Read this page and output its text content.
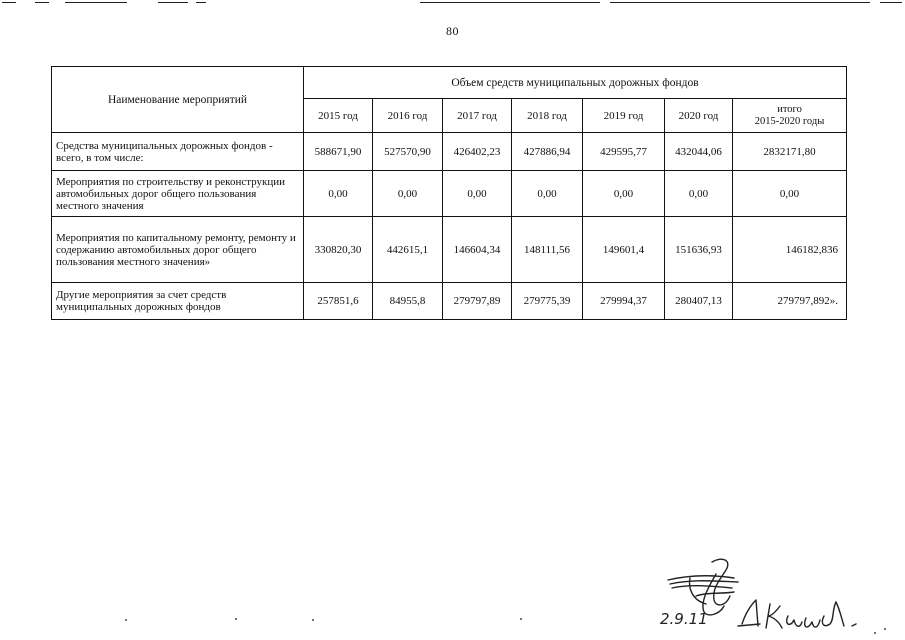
80
Наименование мероприятий	Объем средств муниципальных дорожных фондов						
	2015 год	2016 год	2017 год	2018 год	2019 год	2020 год	итого
2015-2020 годы

Средства муниципальных дорожных фондов - всего, в том числе:	588671,90	527570,90	426402,23	427886,94	429595,77	432044,06	2832171,80
Мероприятия по строительству и реконструкции автомобильных дорог общего пользования местного значения	0,00	0,00	0,00	0,00	0,00	0,00	0,00
Мероприятия по капитальному ремонту, ремонту и содержанию автомобильных дорог общего пользования местного значения»	330820,30	442615,1	146604,34	148111,56	149601,4	151636,93	146182,836
Другие мероприятия за счет средств муниципальных дорожных фондов	257851,6	84955,8	279797,89	279775,39	279994,37	280407,13	279797,892».
2.9.11
